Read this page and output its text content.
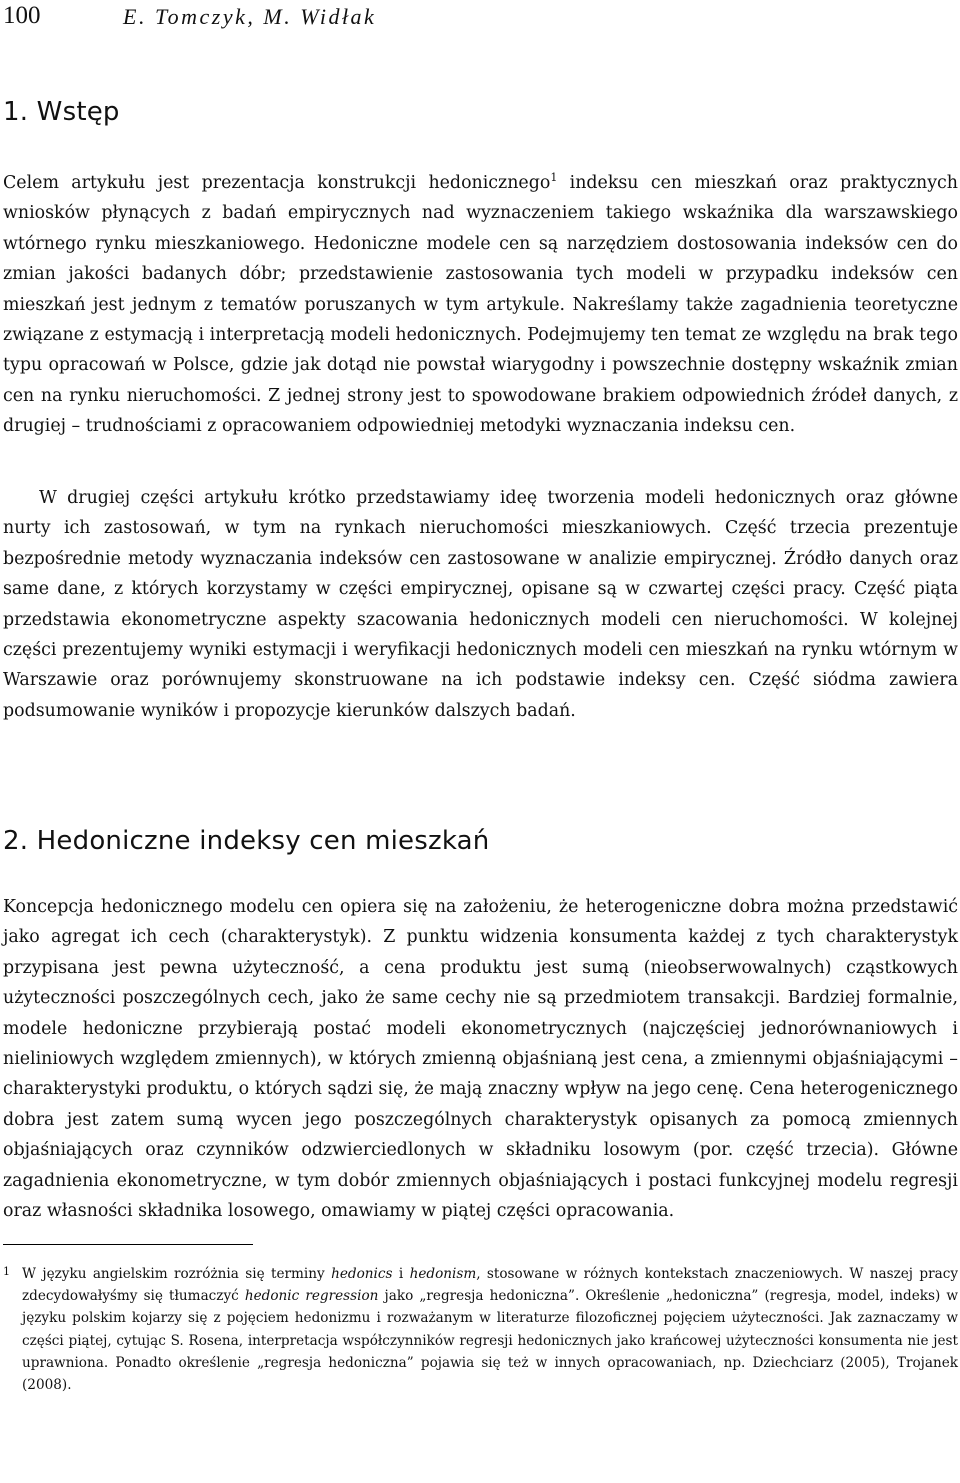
100	E. Tomczyk, M. Widłak
1. Wstęp

Celem artykułu jest prezentacja konstrukcji hedonicznego$^1$ indeksu cen mieszkań oraz praktycznych wniosków płynących z badań empirycznych nad wyznaczeniem takiego wskaźnika dla warszawskiego wtórnego rynku mieszkaniowego. Hedoniczne modele cen są narzędziem dostosowania indeksów cen do zmian jakości badanych dóbr; przedstawienie zastosowania tych modeli w przypadku indeksów cen mieszkań jest jednym z tematów poruszanych w tym artykule. Nakreślamy także zagadnienia teoretyczne związane z estymacją i interpretacją modeli hedonicznych. Podejmujemy ten temat ze względu na brak tego typu opracowań w Polsce, gdzie jak dotąd nie powstał wiarygodny i powszechnie dostępny wskaźnik zmian cen na rynku nieruchomości. Z jednej strony jest to spowodowane brakiem odpowiednich źródeł danych, z drugiej – trudnościami z opracowaniem odpowiedniej metodyki wyznaczania indeksu cen.

W drugiej części artykułu krótko przedstawiamy ideę tworzenia modeli hedonicznych oraz główne nurty ich zastosowań, w tym na rynkach nieruchomości mieszkaniowych. Część trzecia prezentuje bezpośrednie metody wyznaczania indeksów cen zastosowane w analizie empirycznej. Źródło danych oraz same dane, z których korzystamy w części empirycznej, opisane są w czwartej części pracy. Część piąta przedstawia ekonometryczne aspekty szacowania hedonicznych modeli cen nieruchomości. W kolejnej części prezentujemy wyniki estymacji i weryfikacji hedonicznych modeli cen mieszkań na rynku wtórnym w Warszawie oraz porównujemy skonstruowane na ich podstawie indeksy cen. Część siódma zawiera podsumowanie wyników i propozycje kierunków dalszych badań.

2. Hedoniczne indeksy cen mieszkań

Koncepcja hedonicznego modelu cen opiera się na założeniu, że heterogeniczne dobra można przedstawić jako agregat ich cech (charakterystyk). Z punktu widzenia konsumenta każdej z tych charakterystyk przypisana jest pewna użyteczność, a cena produktu jest sumą (nieobserwowalnych) cząstkowych użyteczności poszczególnych cech, jako że same cechy nie są przedmiotem transakcji. Bardziej formalnie, modele hedoniczne przybierają postać modeli ekonometrycznych (najczęściej jednorównaniowych i nieliniowych względem zmiennych), w których zmienną objaśnianą jest cena, a zmiennymi objaśniającymi – charakterystyki produktu, o których sądzi się, że mają znaczny wpływ na jego cenę. Cena heterogenicznego dobra jest zatem sumą wycen jego poszczególnych charakterystyk opisanych za pomocą zmiennych objaśniających oraz czynników odzwierciedlonych w składniku losowym (por. część trzecia). Główne zagadnienia ekonometryczne, w tym dobór zmiennych objaśniających i postaci funkcyjnej modelu regresji oraz własności składnika losowego, omawiamy w piątej części opracowania.

1 W języku angielskim rozróżnia się terminy hedonics i hedonism, stosowane w różnych kontekstach znaczeniowych. W naszej pracy zdecydowałyśmy się tłumaczyć hedonic regression jako „regresja hedoniczna”. Określenie „hedoniczna” (regresja, model, indeks) w języku polskim kojarzy się z pojęciem hedonizmu i rozważanym w literaturze filozoficznej pojęciem użyteczności. Jak zaznaczamy w części piątej, cytując S. Rosena, interpretacja współczynników regresji hedonicznych jako krańcowej użyteczności konsumenta nie jest uprawniona. Ponadto określenie „regresja hedoniczna” pojawia się też w innych opracowaniach, np. Dziechciarz (2005), Trojanek (2008).
